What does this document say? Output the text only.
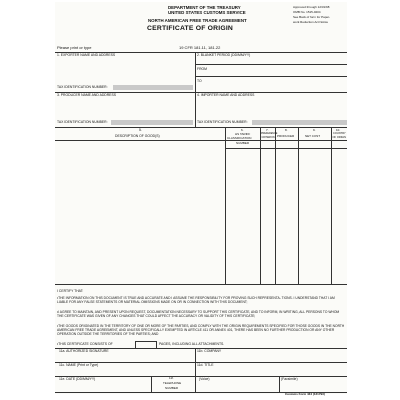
DEPARTMENT OF THE TREASURY
UNITED STATES CUSTOMS SERVICE
NORTH AMERICAN FREE TRADE AGREEMENT
CERTIFICATE OF ORIGIN
Approved through 12/31/98
OMB No. 1515-0204
See Back of form for Paper-
work Reduction Act Notice
Please print or type	19 CFR 181.11, 181.22
1. EXPORTER NAME AND ADDRESS	2. BLANKET PERIOD (DD/MM/YY)
FROM
TO
TAX IDENTIFICATION NUMBER:
3. PRODUCER NAME AND ADDRESS	4. IMPORTER NAME AND ADDRESS
TAX IDENTIFICATION NUMBER:	TAX IDENTIFICATION NUMBER:
5.
DESCRIPTION OF GOOD(S)
6.
HS TARIFF
CLASSIFICATION
NUMBER
7.
PREFERENCE
CRITERION
8.
PRODUCER
9.
NET COST
10.
COUNTRY
OF ORIGIN
I CERTIFY THAT:
•THE INFORMATION ON THIS DOCUMENT IS TRUE AND ACCURATE AND I ASSUME THE RESPONSIBILITY FOR PROVING SUCH REPRESENTA- TIONS. I UNDERSTAND THAT I AM LIABLE FOR ANY FALSE STATEMENTS OR MATERIAL OMISSIONS MADE ON OR IN CONNECTION WITH THIS DOCUMENT;
•I AGREE TO MAINTAIN, AND PRESENT UPON REQUEST, DOCUMENTATION NECESSARY TO SUPPORT THIS CERTIFICATE, AND TO INFORM, IN WRITING, ALL PERSONS TO WHOM THE CERTIFICATE WAS GIVEN OF ANY CHANGES THAT COULD AFFECT THE ACCURACY OR VALIDITY OF THIS CERTIFICATE;
•THE GOODS ORIGINATED IN THE TERRITORY OF ONE OR MORE OF THE PARTIES, AND COMPLY WITH THE ORIGIN REQUIREMENTS SPECIFIED FOR THOSE GOODS IN THE NORTH AMERICAN FREE TRADE AGREEMENT, AND UNLESS SPECIFICALLY EXEMPTED IN ARTICLE 411 OR ANNEX 401, THERE HAS BEEN NO FURTHER PRODUCTION OR ANY OTHER OPERATION OUTSIDE THE TERRITORIES OF THE PARTIES; AND
•THIS CERTIFICATE CONSISTS OF	PAGES, INCLUDING ALL ATTACHMENTS.
11a. AUTHORIZED SIGNATURE	11b. COMPANY
11c. NAME (Print or Type)	11d. TITLE
11e. DATE (DD/MM/YY)	11f.
TELEPHONE
NUMBER
(Voice)	(Facsimile)
Customs Form 434 (121793)
